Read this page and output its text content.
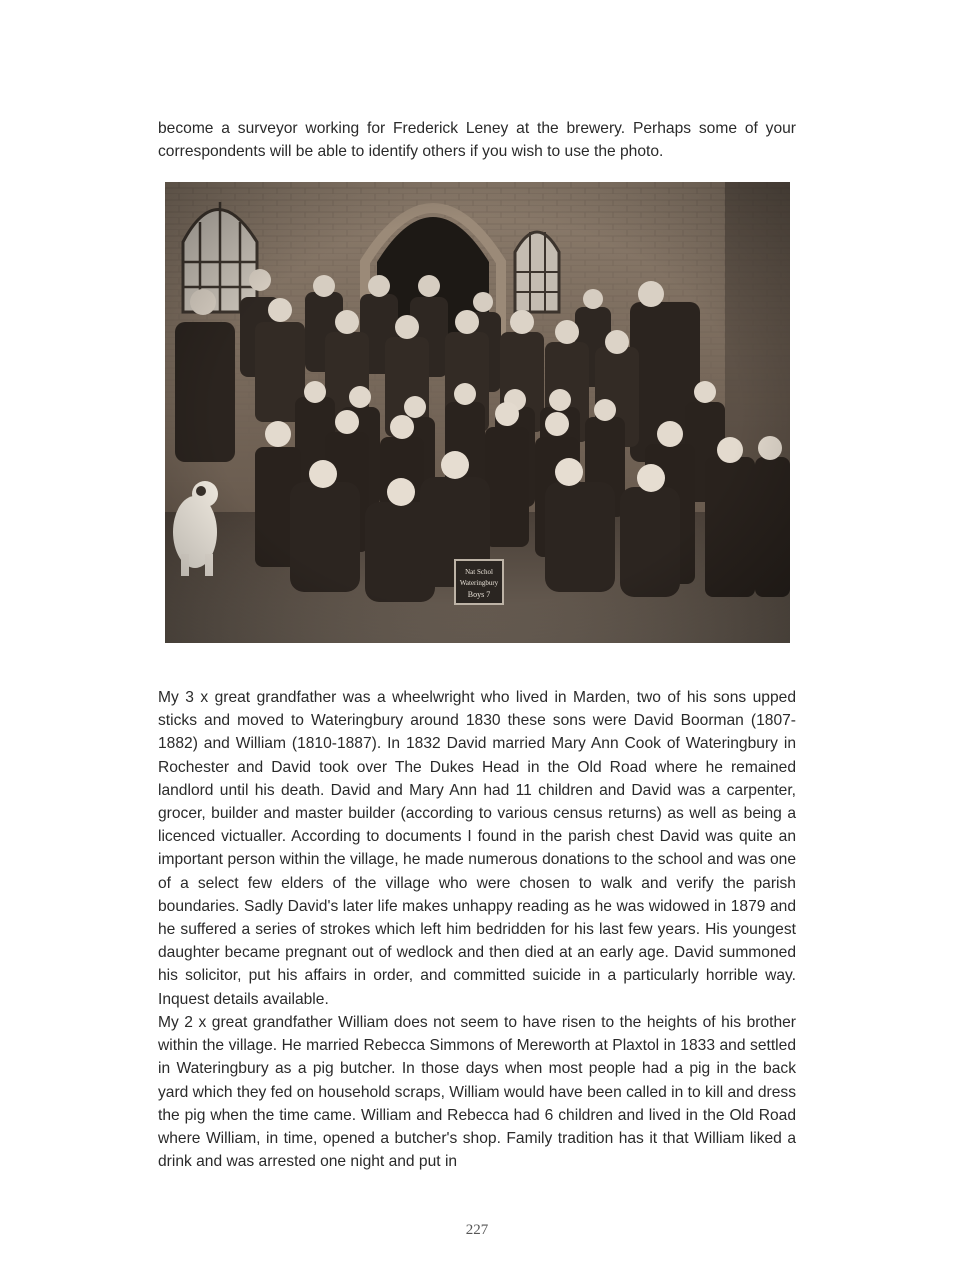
become a surveyor working for Frederick Leney at the brewery. Perhaps some of your correspondents will be able to identify others if you wish to use the photo.

My 3 x great grandfather was a wheelwright who lived in Marden, two of his sons upped sticks and moved to Wateringbury around 1830 these sons were David Boorman (1807-1882) and William (1810-1887). In 1832 David married Mary Ann Cook of Wateringbury in Rochester and David took over The Dukes Head in the Old Road where he remained landlord until his death. David and Mary Ann had 11 children and David was a carpenter, grocer, builder and master builder (according to various census returns) as well as being a licenced victualler. According to documents I found in the parish chest David was quite an important person within the village, he made numerous donations to the school and was one of a select few elders of the village who were chosen to walk and verify the parish boundaries. Sadly David's later life makes unhappy reading as he was widowed in 1879 and he suffered a series of strokes which left him bedridden for his last few years. His youngest daughter became pregnant out of wedlock and then died at an early age. David summoned his solicitor, put his affairs in order, and committed suicide in a particularly horrible way. Inquest details available.

My 2 x great grandfather William does not seem to have risen to the heights of his brother within the village. He married Rebecca Simmons of Mereworth at Plaxtol in 1833 and settled in Wateringbury as a pig butcher. In those days when most people had a pig in the back yard which they fed on household scraps, William would have been called in to kill and dress the pig when the time came. William and Rebecca had 6 children and lived in the Old Road where William, in time, opened a butcher's shop. Family tradition has it that William liked a drink and was arrested one night and put in

227
